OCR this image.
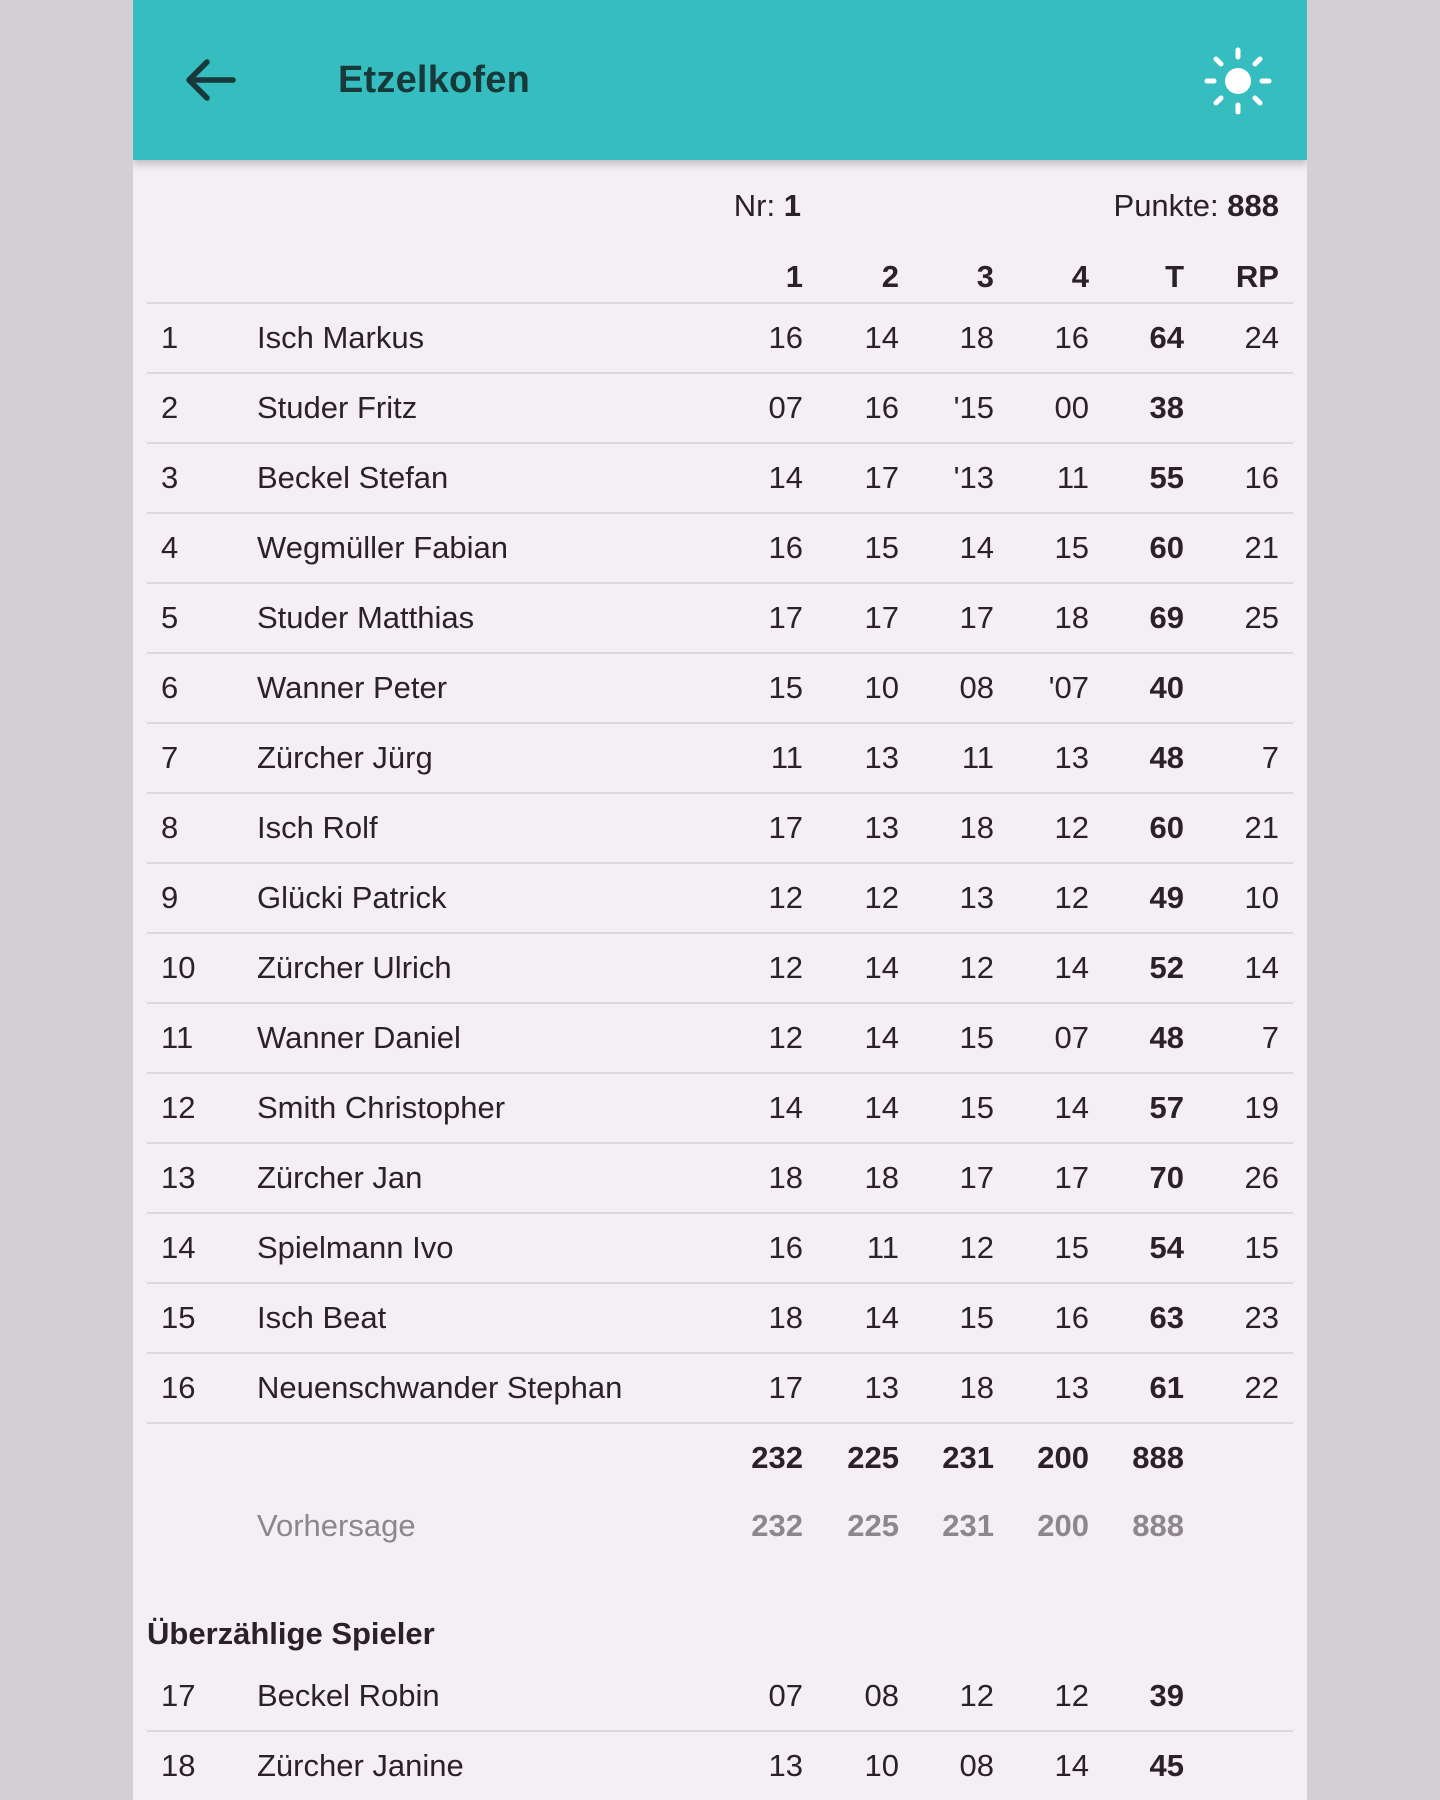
Etzelkofen
Nr: 1	Punkte: 888
1	2	3	4 T RP
1	Isch Markus	16 14 18 16 64 24
2	Studer Fritz	07 16 '15 00 38
3	Beckel Stefan	14 17 '13 11 55 16
4	Wegmüller Fabian	16 15 14 15 60 21
5	Studer Matthias	17 17 17 18 69 25
6	Wanner Peter	15 10 08 '07 40
7	Zürcher Jürg	11 13 11 13 48	7
8	Isch Rolf	17 13 18 12 60 21
9	Glücki Patrick	12 12 13 12 49 10
10 Zürcher Ulrich	12 14 12 14 52 14
11 Wanner Daniel	12 14 15 07 48	7
12 Smith Christopher	14 14 15 14 57 19
13 Zürcher Jan	18 18 17 17 70 26
14 Spielmann Ivo	16 11 12 15 54 15
15 Isch Beat	18 14 15 16 63 23
16 Neuenschwander Stephan	17 13 18 13 61 22
232 225 231 200 888
Vorhersage	232 225 231 200 888
Überzählige Spieler
17 Beckel Robin	07 08 12 12 39
18 Zürcher Janine	13 10 08 14 45
